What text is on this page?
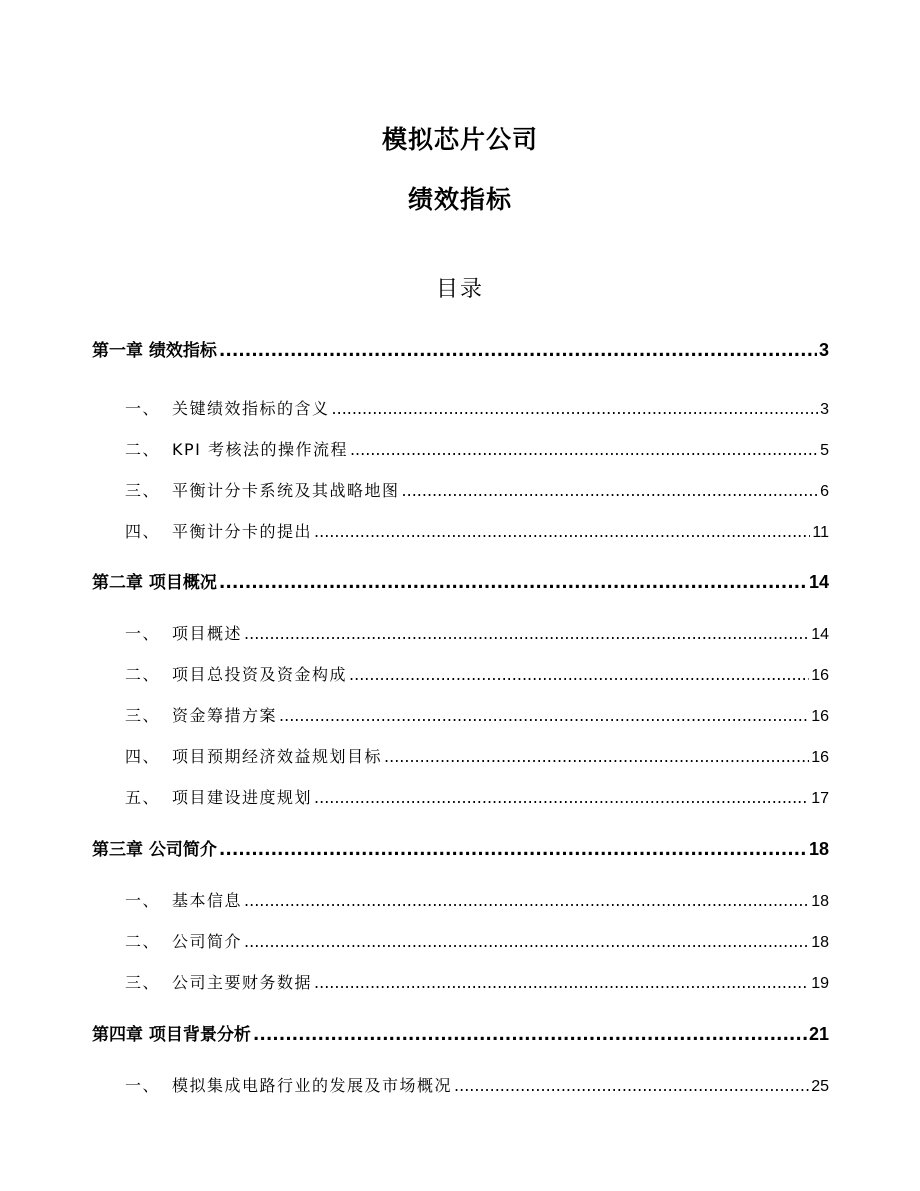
模拟芯片公司
绩效指标
目录
第一章 绩效指标 .....	3
一、 关键绩效指标的含义 .....	3
二、 KPI 考核法的操作流程 .....	5
三、 平衡计分卡系统及其战略地图 .....	6
四、 平衡计分卡的提出 .....	11
第二章 项目概况 .....	14
一、 项目概述 .....	14
二、 项目总投资及资金构成 .....	16
三、 资金筹措方案 .....	16
四、 项目预期经济效益规划目标 .....	16
五、 项目建设进度规划 .....	17
第三章 公司简介 .....	18
一、 基本信息 .....	18
二、 公司简介 .....	18
三、 公司主要财务数据 .....	19
第四章 项目背景分析 .....	21
一、 模拟集成电路行业的发展及市场概况 .....	25
